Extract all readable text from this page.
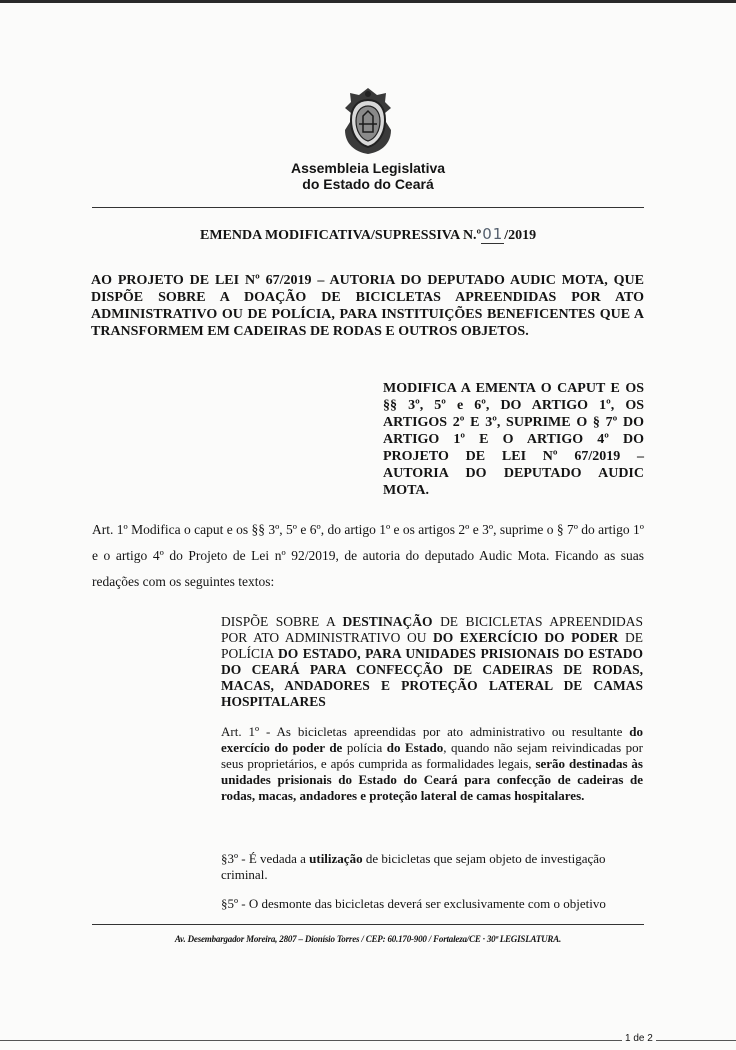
Assembleia Legislativa
do Estado do Ceará
EMENDA MODIFICATIVA/SUPRESSIVA N.º01/2019
AO PROJETO DE LEI Nº 67/2019 – AUTORIA DO DEPUTADO AUDIC MOTA, QUE DISPÕE SOBRE A DOAÇÃO DE BICICLETAS APREENDIDAS POR ATO ADMINISTRATIVO OU DE POLÍCIA, PARA INSTITUIÇÕES BENEFICENTES QUE A TRANSFORMEM EM CADEIRAS DE RODAS E OUTROS OBJETOS.
MODIFICA A EMENTA O CAPUT E OS §§ 3º, 5º e 6º, DO ARTIGO 1º, OS ARTIGOS 2º E 3º, SUPRIME O § 7º DO ARTIGO 1º E O ARTIGO 4º DO PROJETO DE LEI Nº 67/2019 – AUTORIA DO DEPUTADO AUDIC MOTA.
Art. 1º Modifica o caput e os §§ 3º, 5º e 6º, do artigo 1º e os artigos 2º e 3º, suprime o § 7º do artigo 1º e o artigo 4º do Projeto de Lei nº 92/2019, de autoria do deputado Audic Mota. Ficando as suas redações com os seguintes textos:
DISPÕE SOBRE A DESTINAÇÃO DE BICICLETAS APREENDIDAS POR ATO ADMINISTRATIVO OU DO EXERCÍCIO DO PODER DE POLÍCIA DO ESTADO, PARA UNIDADES PRISIONAIS DO ESTADO DO CEARÁ PARA CONFECÇÃO DE CADEIRAS DE RODAS, MACAS, ANDADORES E PROTEÇÃO LATERAL DE CAMAS HOSPITALARES
Art. 1º - As bicicletas apreendidas por ato administrativo ou resultante do exercício do poder de polícia do Estado, quando não sejam reivindicadas por seus proprietários, e após cumprida as formalidades legais, serão destinadas às unidades prisionais do Estado do Ceará para confecção de cadeiras de rodas, macas, andadores e proteção lateral de camas hospitalares.
§3º - É vedada a utilização de bicicletas que sejam objeto de investigação criminal.
§5º - O desmonte das bicicletas deverá ser exclusivamente com o objetivo
Av. Desembargador Moreira, 2807 – Dionísio Torres / CEP: 60.170-900 / Fortaleza/CE · 30ª LEGISLATURA.
1 de 2
